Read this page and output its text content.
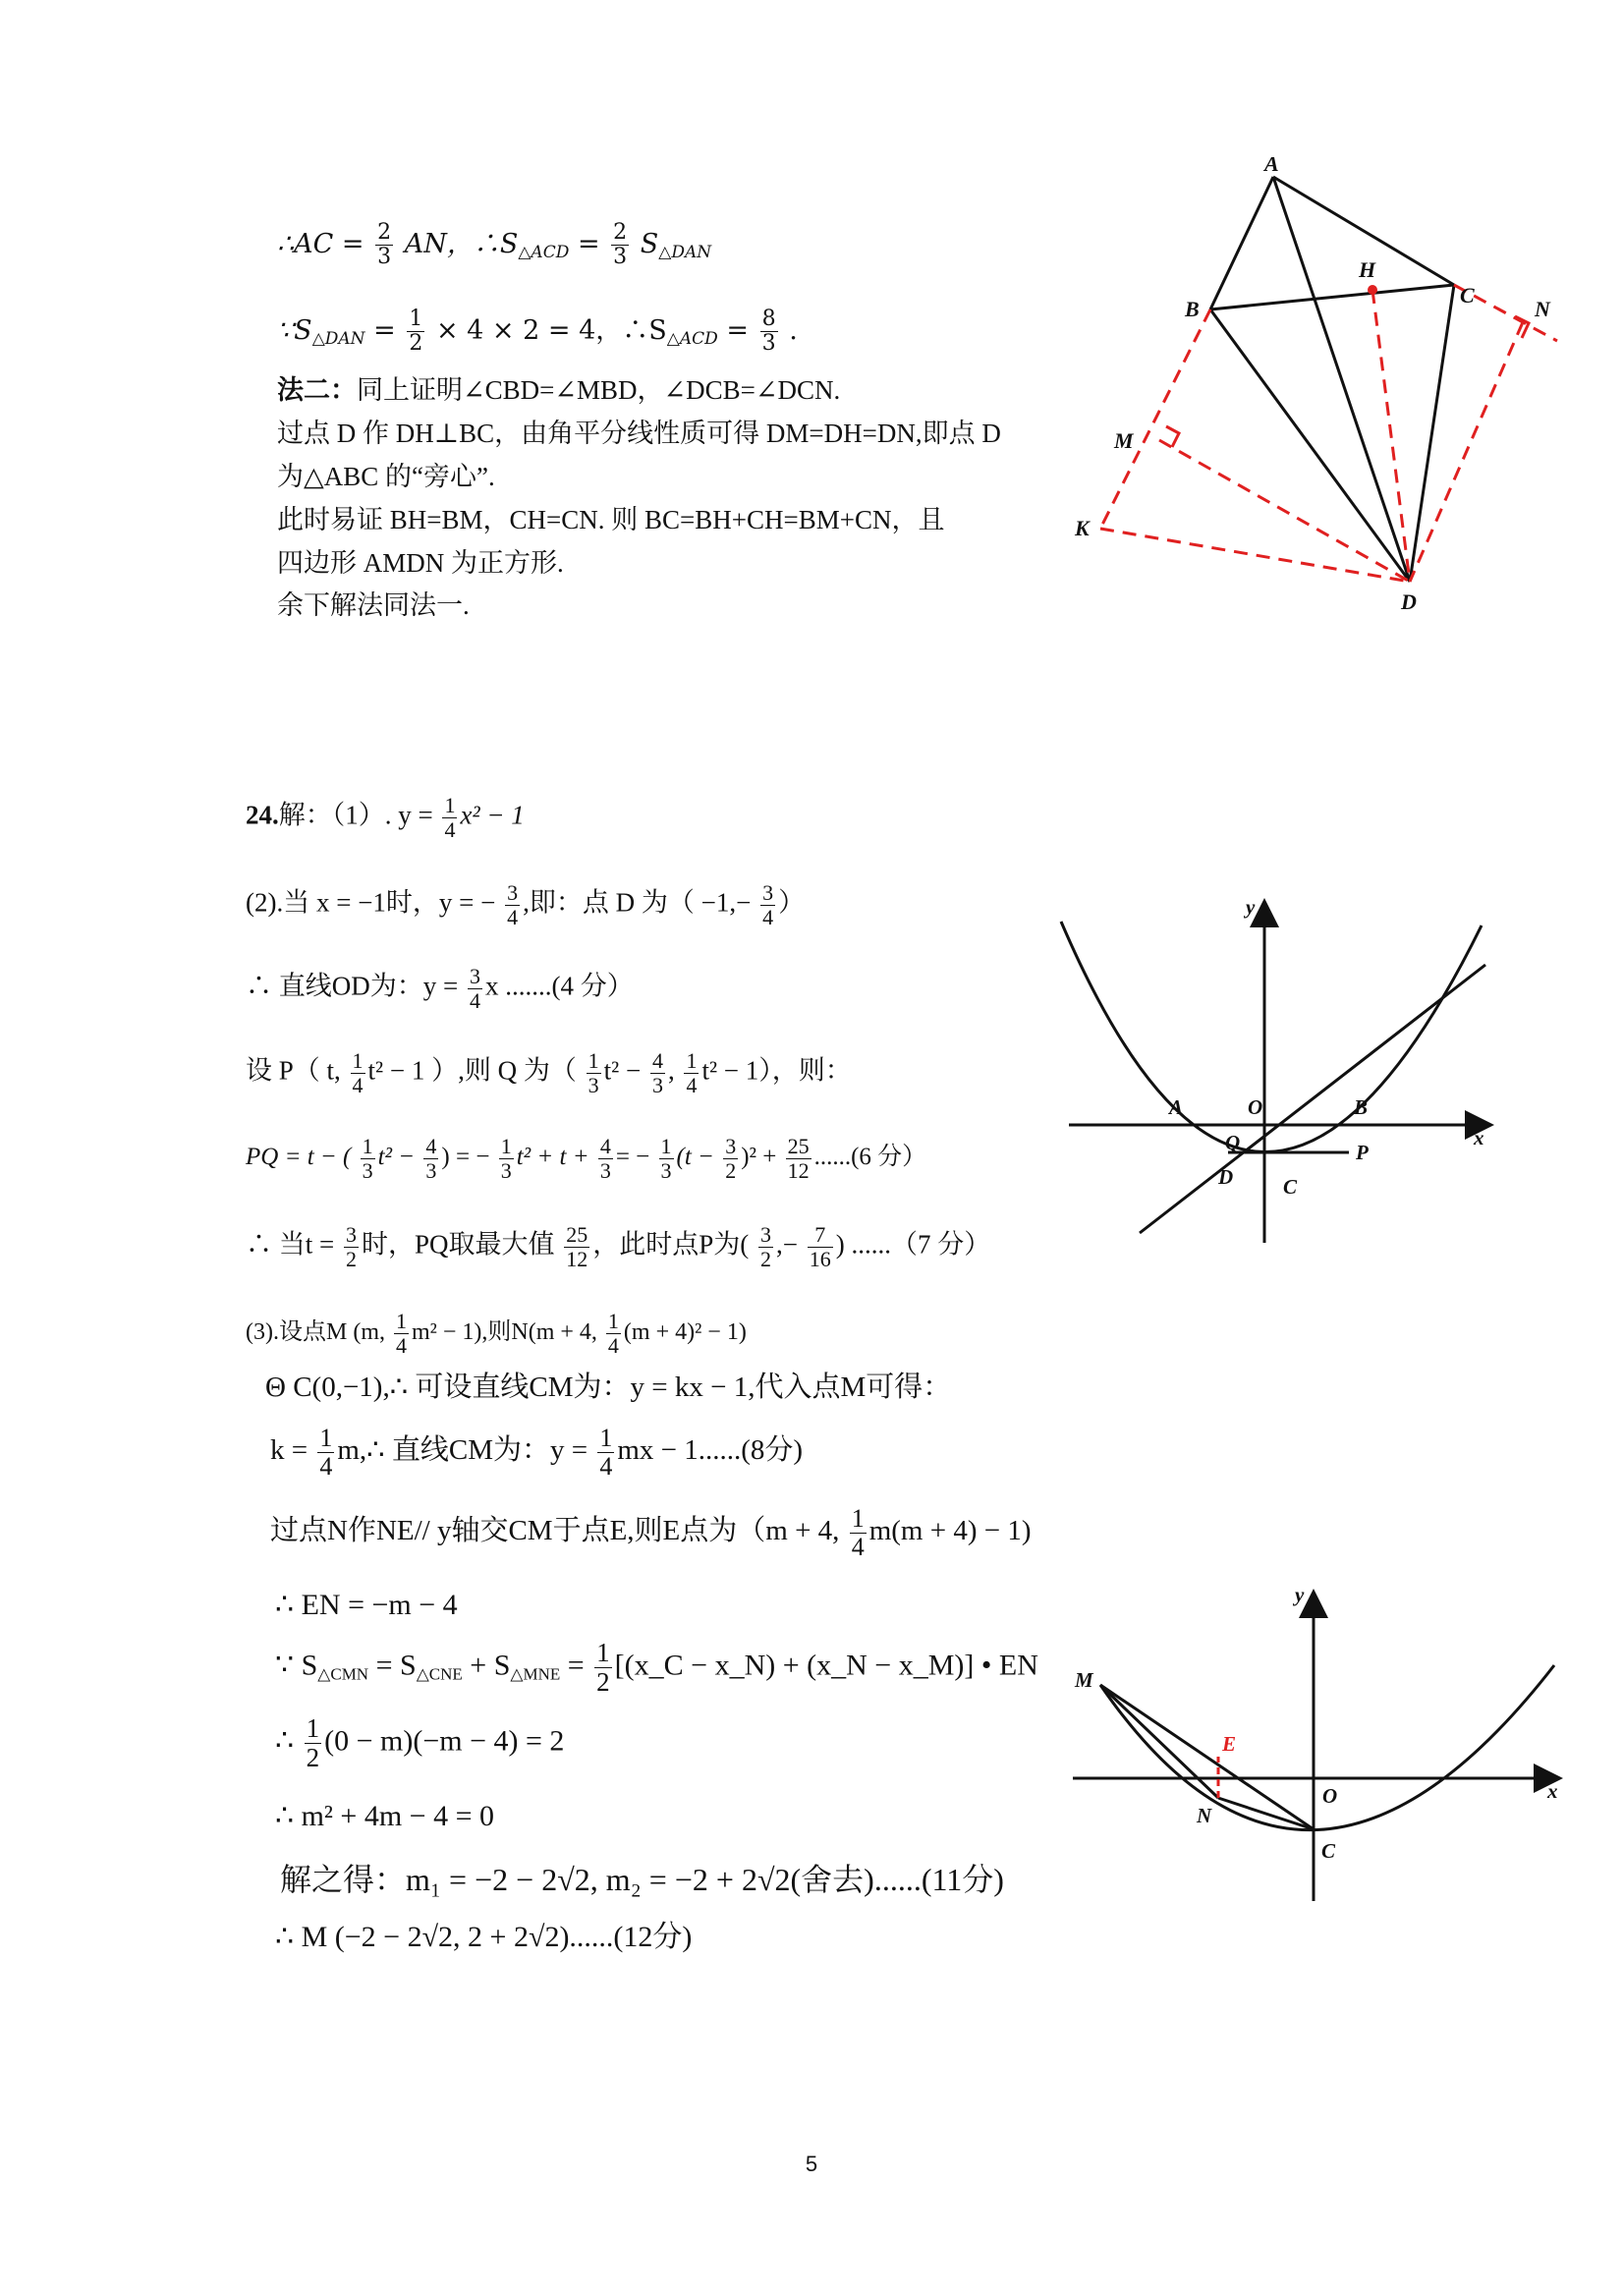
∴AC = $\frac{2}{3}$ AN，$\therefore S_{\triangle ACD} = \frac{2}{3} S_{\triangle DAN}$
$\because S_{\triangle DAN} = \frac{1}{2} \times 4 \times 2 = 4$，$\therefore S_{\triangle ACD} = \frac{8}{3}$ .
法二：同上证明∠CBD=∠MBD，∠DCB=∠DCN.
过点 D 作 DH⊥BC，由角平分线性质可得 DM=DH=DN,即点 D
为△ABC 的“旁心”.
此时易证 BH=BM，CH=CN. 则 BC=BH+CH=BM+CN，且
四边形 AMDN 为正方形.
余下解法同法一.
A
B
C
H
N
M
K
D
24.解：（1）. $y = \frac{1}{4} x^2 - 1$
(2).当 x = −1时，y = − $\frac{3}{4}$ ,即：点 D 为（ $-1,- \frac{3}{4}$ ）
∴ 直线OD为：$y = \frac{3}{4}$ x .......(4 分）
设 P（ t, $\frac{1}{4} t^2 - 1$ ）,则 Q 为（ $\frac{1}{3} t^2 - \frac{4}{3}$ , $\frac{1}{4} t^2 - 1$），则：
PQ = t − ( $\frac{1}{3} t^2 - \frac{4}{3}$ ) = − $\frac{1}{3} t^2 + t + \frac{4}{3}$ = − $\frac{1}{3} (t - \frac{3}{2} )^2 + \frac{25}{12} ......(6$ 分）
∴ 当$t = \frac{3}{2}$ 时，PQ取最大值 $\frac{25}{12}$ ，此时点P为( $\frac{3}{2}$ ,− $\frac{7}{16}$ ) ......（7 分）
(3).设点M (m, $\frac{1}{4} m^2 - 1$),则N(m + 4, $\frac{1}{4} (m + 4)^2 - 1$)
Θ C(0,−1),∴ 可设直线CM为：y = kx − 1,代入点M可得：
$k = \frac{1}{4}$ m,∴ 直线CM为：$y = \frac{1}{4}$ mx − 1......(8分)
过点N作NE// y轴交CM于点E,则E点为（m + 4, $\frac{1}{4} m(m + 4) - 1$)
∴ EN = −m − 4
∵ $S_{\triangle CMN} = S_{\triangle CNE} + S_{\triangle MNE} = \frac{1}{2}$ [(x_C − x_N) + (x_N − x_M)] • EN
∴ $\frac{1}{2} (0 - m)(-m - 4) = 2$
∴ m² + 4m − 4 = 0
解之得：m₁ = −2 − 2√2, m₂ = −2 + 2√2(舍去)......(11分)
∴ M (−2 − 2√2, 2 + 2√2)......(12分)
y
x
A	O	B
Q	P
D C
y
x
M
E
N
O
C
5
